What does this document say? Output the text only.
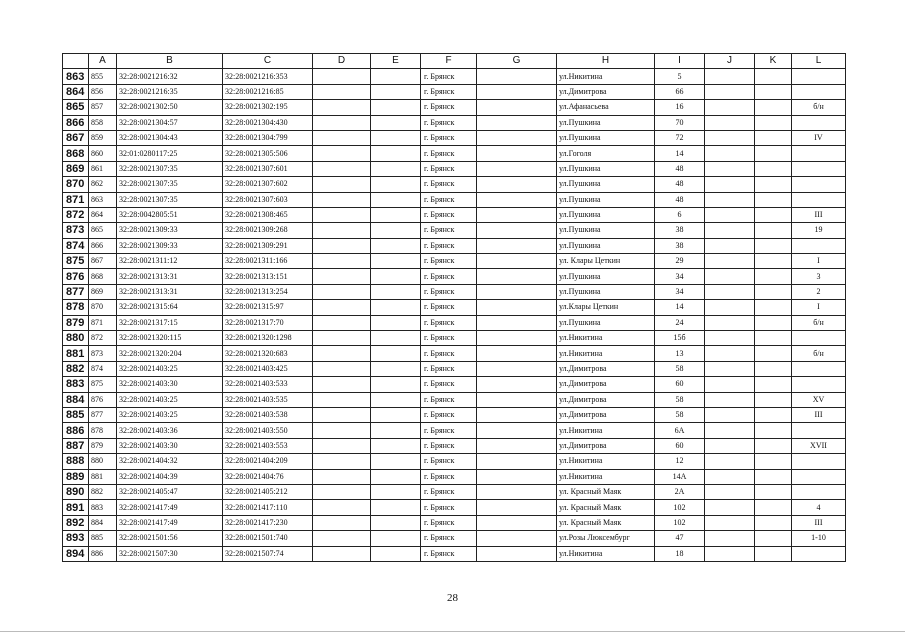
	A	B	C	D	E	F	G	H	I	J	K	L
863	855	32:28:0021216:32	32:28:0021216:353			г. Брянск		ул.Никитина	5			
864	856	32:28:0021216:35	32:28:0021216:85			г. Брянск		ул.Димитрова	66			
865	857	32:28:0021302:50	32:28:0021302:195			г. Брянск		ул.Афанасьева	16			б/н
866	858	32:28:0021304:57	32:28:0021304:430			г. Брянск		ул.Пушкина	70			
867	859	32:28:0021304:43	32:28:0021304:799			г. Брянск		ул.Пушкина	72			IV
868	860	32:01:0280117:25	32:28:0021305:506			г. Брянск		ул.Гоголя	14			
869	861	32:28:0021307:35	32:28:0021307:601			г. Брянск		ул.Пушкина	48			
870	862	32:28:0021307:35	32:28:0021307:602			г. Брянск		ул.Пушкина	48			
871	863	32:28:0021307:35	32:28:0021307:603			г. Брянск		ул.Пушкина	48			
872	864	32:28:0042805:51	32:28:0021308:465			г. Брянск		ул.Пушкина	6			III
873	865	32:28:0021309:33	32:28:0021309:268			г. Брянск		ул.Пушкина	38			19
874	866	32:28:0021309:33	32:28:0021309:291			г. Брянск		ул.Пушкина	38			
875	867	32:28:0021311:12	32:28:0021311:166			г. Брянск		ул. Клары Цеткин	29			I
876	868	32:28:0021313:31	32:28:0021313:151			г. Брянск		ул.Пушкина	34			3
877	869	32:28:0021313:31	32:28:0021313:254			г. Брянск		ул.Пушкина	34			2
878	870	32:28:0021315:64	32:28:0021315:97			г. Брянск		ул.Клары Цеткин	14			I
879	871	32:28:0021317:15	32:28:0021317:70			г. Брянск		ул.Пушкина	24			б/н
880	872	32:28:0021320:115	32:28:0021320:1298			г. Брянск		ул.Никитина	15б			
881	873	32:28:0021320:204	32:28:0021320:683			г. Брянск		ул.Никитина	13			б/н
882	874	32:28:0021403:25	32:28:0021403:425			г. Брянск		ул.Димитрова	58			
883	875	32:28:0021403:30	32:28:0021403:533			г. Брянск		ул.Димитрова	60			
884	876	32:28:0021403:25	32:28:0021403:535			г. Брянск		ул.Димитрова	58			XV
885	877	32:28:0021403:25	32:28:0021403:538			г. Брянск		ул.Димитрова	58			III
886	878	32:28:0021403:36	32:28:0021403:550			г. Брянск		ул.Никитина	6А			
887	879	32:28:0021403:30	32:28:0021403:553			г. Брянск		ул.Димитрова	60			XVII
888	880	32:28:0021404:32	32:28:0021404:209			г. Брянск		ул.Никитина	12			
889	881	32:28:0021404:39	32:28:0021404:76			г. Брянск		ул.Никитина	14А			
890	882	32:28:0021405:47	32:28:0021405:212			г. Брянск		ул. Красный Маяк	2А			
891	883	32:28:0021417:49	32:28:0021417:110			г. Брянск		ул. Красный Маяк	102			4
892	884	32:28:0021417:49	32:28:0021417:230			г. Брянск		ул. Красный Маяк	102			III
893	885	32:28:0021501:56	32:28:0021501:740			г. Брянск		ул.Розы Люксембург	47			1-10
894	886	32:28:0021507:30	32:28:0021507:74			г. Брянск		ул.Никитина	18			
28
